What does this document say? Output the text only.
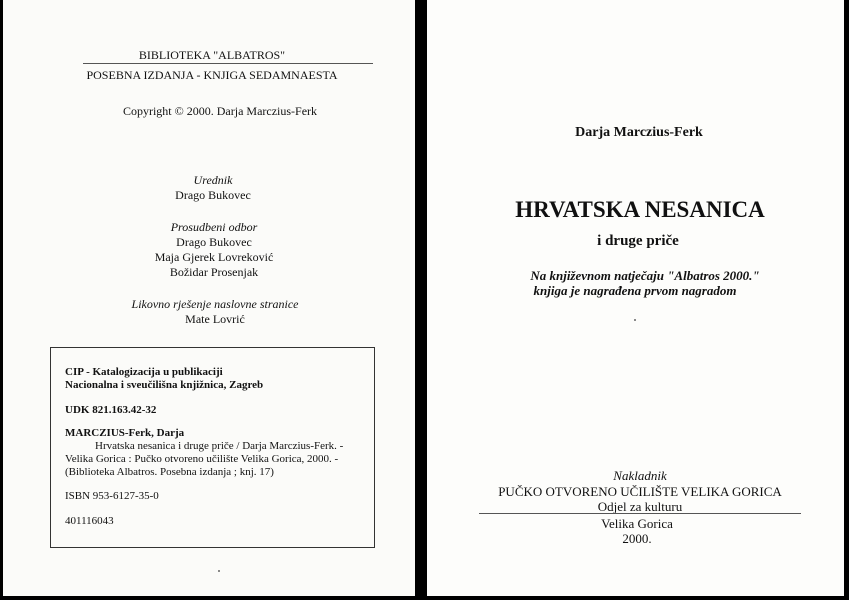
BIBLIOTEKA "ALBATROS"
POSEBNA IZDANJA - KNJIGA SEDAMNAESTA
Copyright © 2000. Darja Marczius-Ferk
Urednik
Drago Bukovec
Prosudbeni odbor
Drago Bukovec
Maja Gjerek Lovreković
Božidar Prosenjak
Likovno rješenje naslovne stranice
Mate Lovrić
CIP - Katalogizacija u publikaciji
Nacionalna i sveučilišna knjižnica, Zagreb
UDK 821.163.42-32
MARCZIUS-Ferk, Darja
Hrvatska nesanica i druge priče / Darja Marczius-Ferk. -
Velika Gorica : Pučko otvoreno učilište Velika Gorica, 2000. -
(Biblioteka Albatros. Posebna izdanja ; knj. 17)
ISBN 953-6127-35-0
401116043
Darja Marczius-Ferk
HRVATSKA NESANICA
i druge priče
Na književnom natječaju "Albatros 2000."
knjiga je nagrađena prvom nagradom
Nakladnik
PUČKO OTVORENO UČILIŠTE VELIKA GORICA
Odjel za kulturu
Velika Gorica
2000.
